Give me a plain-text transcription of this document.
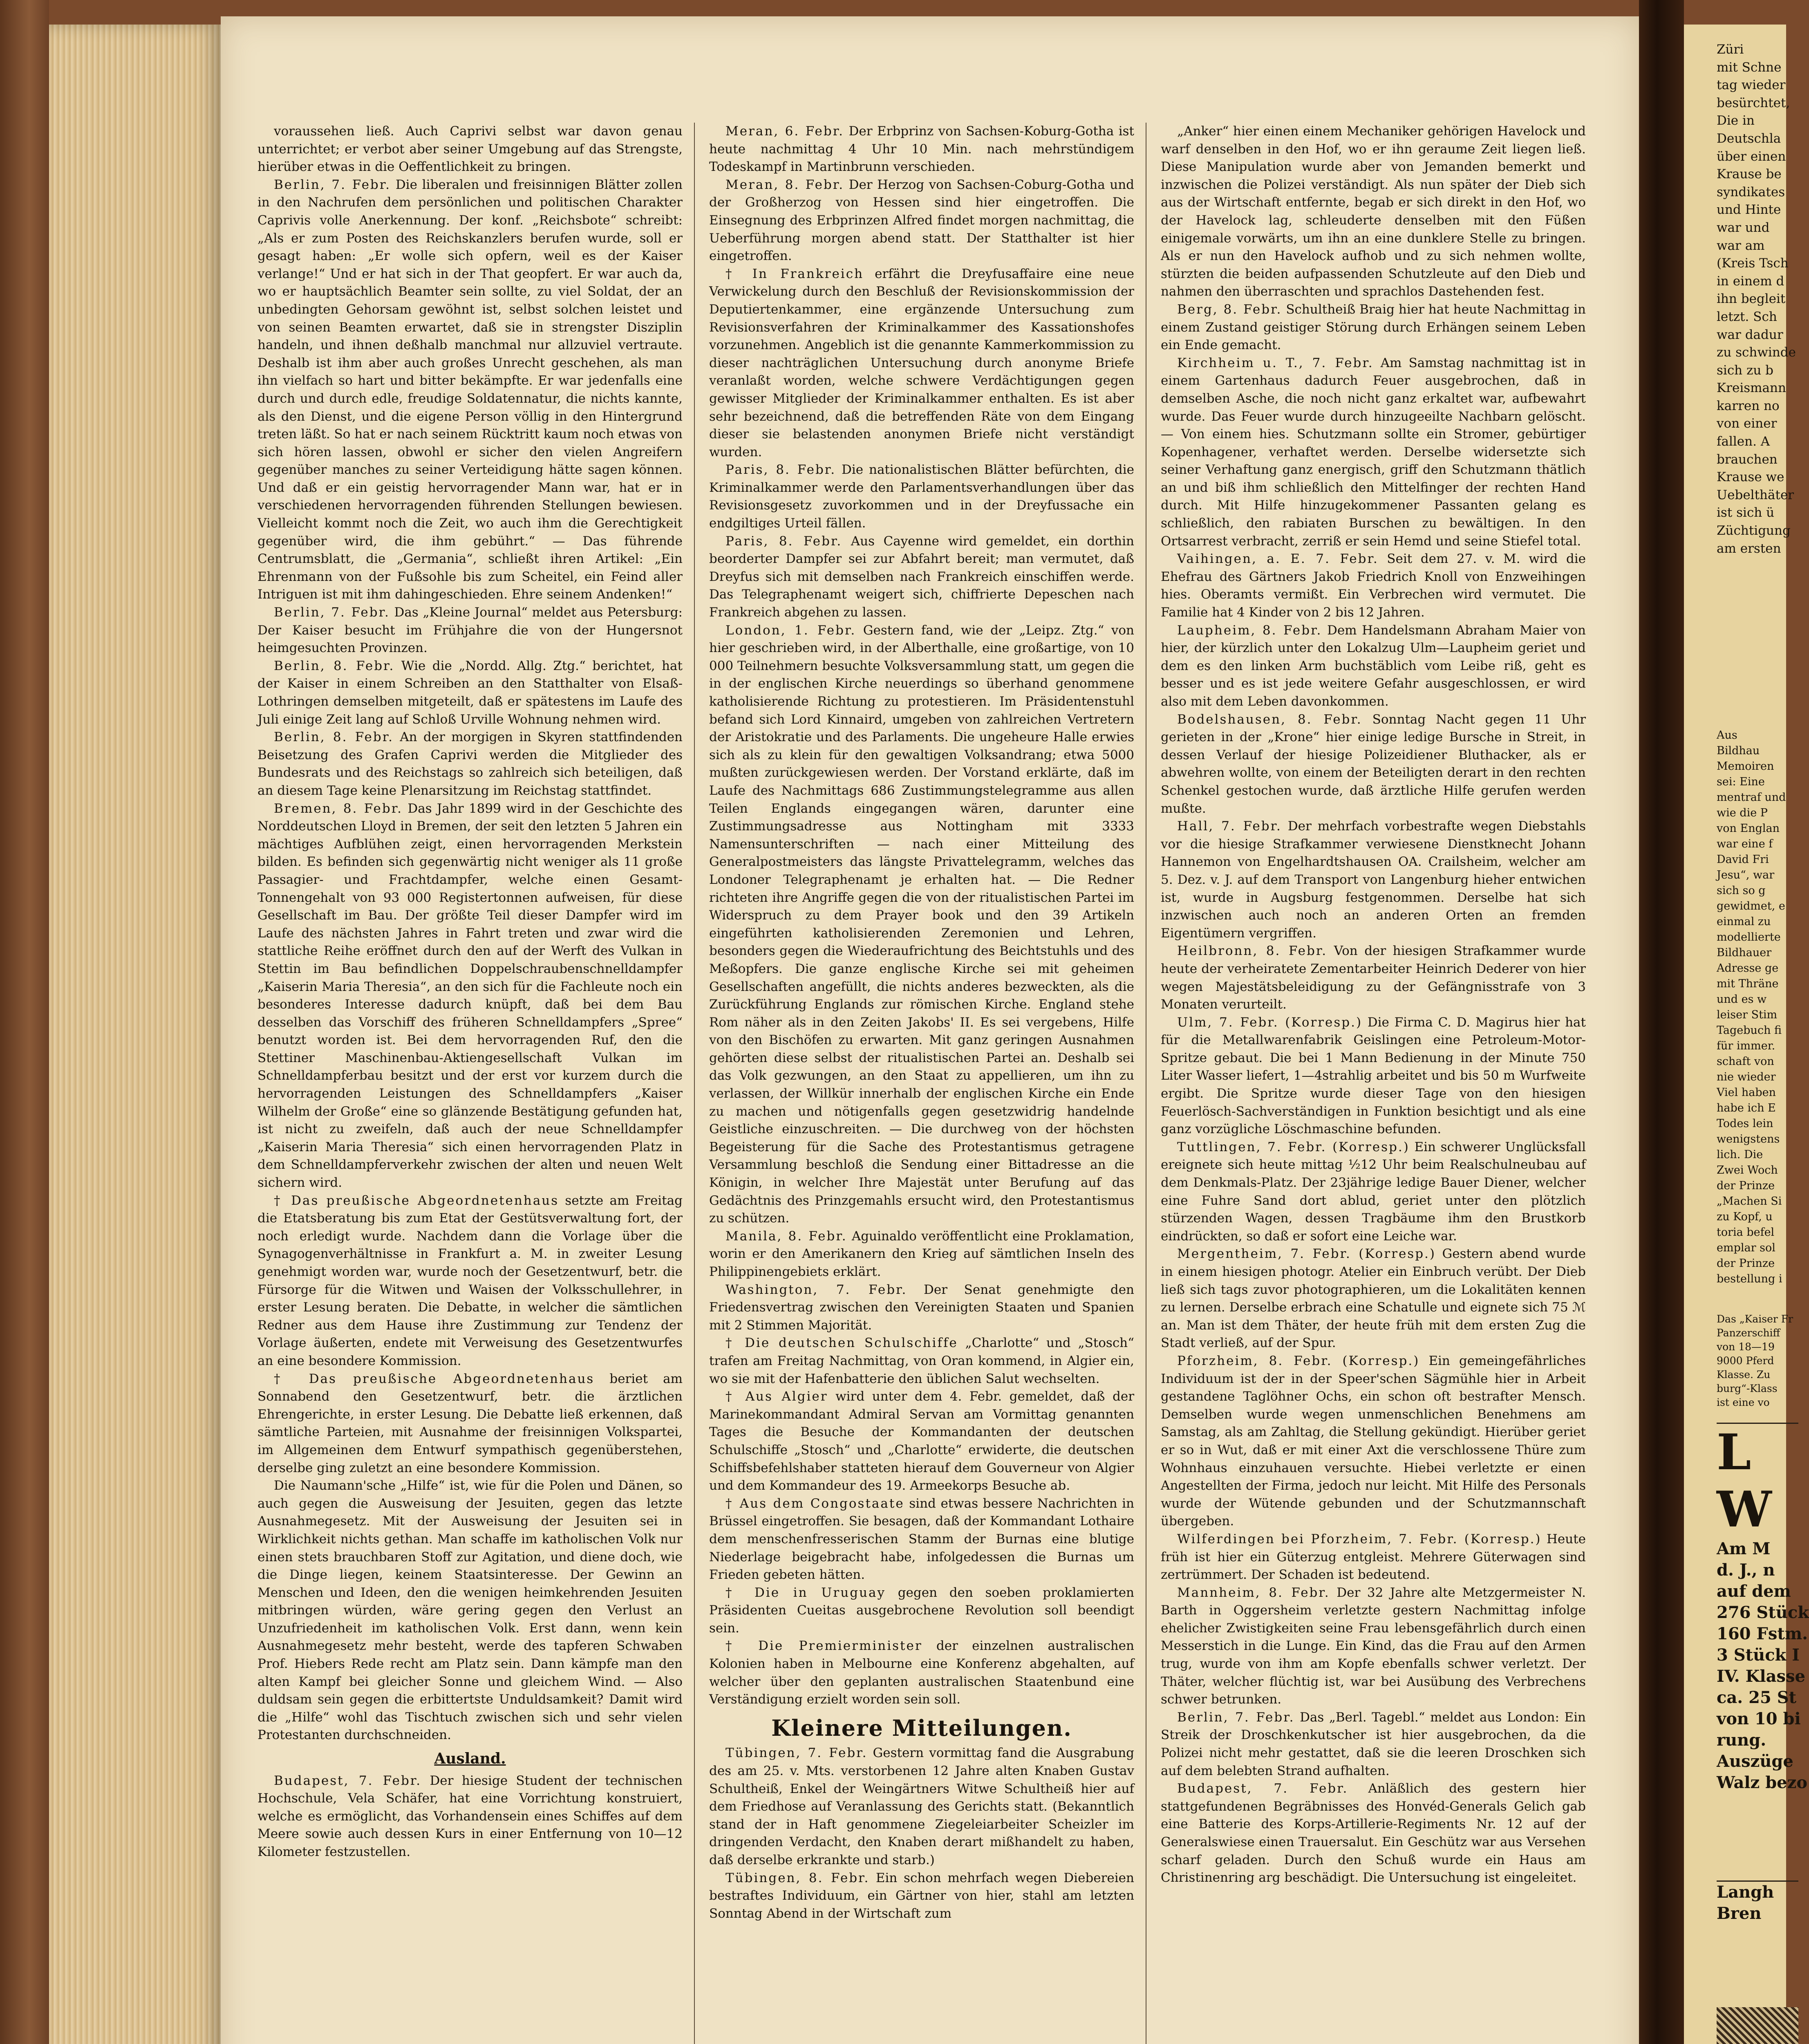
voraussehen ließ. Auch Caprivi selbst war davon genau unterrichtet; er verbot aber seiner Umgebung auf das Strengste, hierüber etwas in die Oeffentlichkeit zu bringen.

Berlin, 7. Febr. Die liberalen und freisinnigen Blätter zollen in den Nachrufen dem persönlichen und politischen Charakter Caprivis volle Anerkennung. Der konf. „Reichsbote“ schreibt: „Als er zum Posten des Reichskanzlers berufen wurde, soll er gesagt haben: „Er wolle sich opfern, weil es der Kaiser verlange!“ Und er hat sich in der That geopfert. Er war auch da, wo er hauptsächlich Beamter sein sollte, zu viel Soldat, der an unbedingten Gehorsam gewöhnt ist, selbst solchen leistet und von seinen Beamten erwartet, daß sie in strengster Disziplin handeln, und ihnen deßhalb manchmal nur allzuviel vertraute. Deshalb ist ihm aber auch großes Unrecht geschehen, als man ihn vielfach so hart und bitter bekämpfte. Er war jedenfalls eine durch und durch edle, freudige Soldatennatur, die nichts kannte, als den Dienst, und die eigene Person völlig in den Hintergrund treten läßt. So hat er nach seinem Rücktritt kaum noch etwas von sich hören lassen, obwohl er sicher den vielen Angreifern gegenüber manches zu seiner Verteidigung hätte sagen können. Und daß er ein geistig hervorragender Mann war, hat er in verschiedenen hervorragenden führenden Stellungen bewiesen. Vielleicht kommt noch die Zeit, wo auch ihm die Gerechtigkeit gegenüber wird, die ihm gebührt.“ — Das führende Centrumsblatt, die „Germania“, schließt ihren Artikel: „Ein Ehrenmann von der Fußsohle bis zum Scheitel, ein Feind aller Intriguen ist mit ihm dahingeschieden. Ehre seinem Andenken!“

Berlin, 7. Febr. Das „Kleine Journal“ meldet aus Petersburg: Der Kaiser besucht im Frühjahre die von der Hungersnot heimgesuchten Provinzen.

Berlin, 8. Febr. Wie die „Nordd. Allg. Ztg.“ berichtet, hat der Kaiser in einem Schreiben an den Statthalter von Elsaß-Lothringen demselben mitgeteilt, daß er spätestens im Laufe des Juli einige Zeit lang auf Schloß Urville Wohnung nehmen wird.

Berlin, 8. Febr. An der morgigen in Skyren stattfindenden Beisetzung des Grafen Caprivi werden die Mitglieder des Bundesrats und des Reichstags so zahlreich sich beteiligen, daß an diesem Tage keine Plenarsitzung im Reichstag stattfindet.

Bremen, 8. Febr. Das Jahr 1899 wird in der Geschichte des Norddeutschen Lloyd in Bremen, der seit den letzten 5 Jahren ein mächtiges Aufblühen zeigt, einen hervorragenden Merkstein bilden. Es befinden sich gegenwärtig nicht weniger als 11 große Passagier- und Frachtdampfer, welche einen Gesamt-Tonnengehalt von 93 000 Registertonnen aufweisen, für diese Gesellschaft im Bau. Der größte Teil dieser Dampfer wird im Laufe des nächsten Jahres in Fahrt treten und zwar wird die stattliche Reihe eröffnet durch den auf der Werft des Vulkan in Stettin im Bau befindlichen Doppelschraubenschnelldampfer „Kaiserin Maria Theresia“, an den sich für die Fachleute noch ein besonderes Interesse dadurch knüpft, daß bei dem Bau desselben das Vorschiff des früheren Schnelldampfers „Spree“ benutzt worden ist. Bei dem hervorragenden Ruf, den die Stettiner Maschinenbau-Aktiengesellschaft Vulkan im Schnelldampferbau besitzt und der erst vor kurzem durch die hervorragenden Leistungen des Schnelldampfers „Kaiser Wilhelm der Große“ eine so glänzende Bestätigung gefunden hat, ist nicht zu zweifeln, daß auch der neue Schnelldampfer „Kaiserin Maria Theresia“ sich einen hervorragenden Platz in dem Schnelldampferverkehr zwischen der alten und neuen Welt sichern wird.

† Das preußische Abgeordnetenhaus setzte am Freitag die Etatsberatung bis zum Etat der Gestütsverwaltung fort, der noch erledigt wurde. Nachdem dann die Vorlage über die Synagogenverhältnisse in Frankfurt a. M. in zweiter Lesung genehmigt worden war, wurde noch der Gesetzentwurf, betr. die Fürsorge für die Witwen und Waisen der Volksschullehrer, in erster Lesung beraten. Die Debatte, in welcher die sämtlichen Redner aus dem Hause ihre Zustimmung zur Tendenz der Vorlage äußerten, endete mit Verweisung des Gesetzentwurfes an eine besondere Kommission.

† Das preußische Abgeordnetenhaus beriet am Sonnabend den Gesetzentwurf, betr. die ärztlichen Ehrengerichte, in erster Lesung. Die Debatte ließ erkennen, daß sämtliche Parteien, mit Ausnahme der freisinnigen Volkspartei, im Allgemeinen dem Entwurf sympathisch gegenüberstehen, derselbe ging zuletzt an eine besondere Kommission.

Die Naumann'sche „Hilfe“ ist, wie für die Polen und Dänen, so auch gegen die Ausweisung der Jesuiten, gegen das letzte Ausnahmegesetz. Mit der Ausweisung der Jesuiten sei in Wirklichkeit nichts gethan. Man schaffe im katholischen Volk nur einen stets brauchbaren Stoff zur Agitation, und diene doch, wie die Dinge liegen, keinem Staatsinteresse. Der Gewinn an Menschen und Ideen, den die wenigen heimkehrenden Jesuiten mitbringen würden, wäre gering gegen den Verlust an Unzufriedenheit im katholischen Volk. Erst dann, wenn kein Ausnahmegesetz mehr besteht, werde des tapferen Schwaben Prof. Hiebers Rede recht am Platz sein. Dann kämpfe man den alten Kampf bei gleicher Sonne und gleichem Wind. — Also duldsam sein gegen die erbittertste Unduldsamkeit? Damit wird die „Hilfe“ wohl das Tischtuch zwischen sich und sehr vielen Protestanten durchschneiden.

Ausland.

Budapest, 7. Febr. Der hiesige Student der technischen Hochschule, Vela Schäfer, hat eine Vorrichtung konstruiert, welche es ermöglicht, das Vorhandensein eines Schiffes auf dem Meere sowie auch dessen Kurs in einer Entfernung von 10—12 Kilometer festzustellen.

Meran, 6. Febr. Der Erbprinz von Sachsen-Koburg-Gotha ist heute nachmittag 4 Uhr 10 Min. nach mehrstündigem Todeskampf in Martinbrunn verschieden.

Meran, 8. Febr. Der Herzog von Sachsen-Coburg-Gotha und der Großherzog von Hessen sind hier eingetroffen. Die Einsegnung des Erbprinzen Alfred findet morgen nachmittag, die Ueberführung morgen abend statt. Der Statthalter ist hier eingetroffen.

† In Frankreich erfährt die Dreyfusaffaire eine neue Verwickelung durch den Beschluß der Revisionskommission der Deputiertenkammer, eine ergänzende Untersuchung zum Revisionsverfahren der Kriminalkammer des Kassationshofes vorzunehmen. Angeblich ist die genannte Kammerkommission zu dieser nachträglichen Untersuchung durch anonyme Briefe veranlaßt worden, welche schwere Verdächtigungen gegen gewisser Mitglieder der Kriminalkammer enthalten. Es ist aber sehr bezeichnend, daß die betreffenden Räte von dem Eingang dieser sie belastenden anonymen Briefe nicht verständigt wurden.

Paris, 8. Febr. Die nationalistischen Blätter befürchten, die Kriminalkammer werde den Parlamentsverhandlungen über das Revisionsgesetz zuvorkommen und in der Dreyfussache ein endgiltiges Urteil fällen.

Paris, 8. Febr. Aus Cayenne wird gemeldet, ein dorthin beorderter Dampfer sei zur Abfahrt bereit; man vermutet, daß Dreyfus sich mit demselben nach Frankreich einschiffen werde. Das Telegraphenamt weigert sich, chiffrierte Depeschen nach Frankreich abgehen zu lassen.

London, 1. Febr. Gestern fand, wie der „Leipz. Ztg.“ von hier geschrieben wird, in der Alberthalle, eine großartige, von 10 000 Teilnehmern besuchte Volksversammlung statt, um gegen die in der englischen Kirche neuerdings so überhand genommene katholisierende Richtung zu protestieren. Im Präsidentenstuhl befand sich Lord Kinnaird, umgeben von zahlreichen Vertretern der Aristokratie und des Parlaments. Die ungeheure Halle erwies sich als zu klein für den gewaltigen Volksandrang; etwa 5000 mußten zurückgewiesen werden. Der Vorstand erklärte, daß im Laufe des Nachmittags 686 Zustimmungstelegramme aus allen Teilen Englands eingegangen wären, darunter eine Zustimmungsadresse aus Nottingham mit 3333 Namensunterschriften — nach einer Mitteilung des Generalpostmeisters das längste Privattelegramm, welches das Londoner Telegraphenamt je erhalten hat. — Die Redner richteten ihre Angriffe gegen die von der ritualistischen Partei im Widerspruch zu dem Prayer book und den 39 Artikeln eingeführten katholisierenden Zeremonien und Lehren, besonders gegen die Wiederaufrichtung des Beichtstuhls und des Meßopfers. Die ganze englische Kirche sei mit geheimen Gesellschaften angefüllt, die nichts anderes bezweckten, als die Zurückführung Englands zur römischen Kirche. England stehe Rom näher als in den Zeiten Jakobs' II. Es sei vergebens, Hilfe von den Bischöfen zu erwarten. Mit ganz geringen Ausnahmen gehörten diese selbst der ritualistischen Partei an. Deshalb sei das Volk gezwungen, an den Staat zu appellieren, um ihn zu verlassen, der Willkür innerhalb der englischen Kirche ein Ende zu machen und nötigenfalls gegen gesetzwidrig handelnde Geistliche einzuschreiten. — Die durchweg von der höchsten Begeisterung für die Sache des Protestantismus getragene Versammlung beschloß die Sendung einer Bittadresse an die Königin, in welcher Ihre Majestät unter Berufung auf das Gedächtnis des Prinzgemahls ersucht wird, den Protestantismus zu schützen.

Manila, 8. Febr. Aguinaldo veröffentlicht eine Proklamation, worin er den Amerikanern den Krieg auf sämtlichen Inseln des Philippinengebiets erklärt.

Washington, 7. Febr. Der Senat genehmigte den Friedensvertrag zwischen den Vereinigten Staaten und Spanien mit 2 Stimmen Majorität.

† Die deutschen Schulschiffe „Charlotte“ und „Stosch“ trafen am Freitag Nachmittag, von Oran kommend, in Algier ein, wo sie mit der Hafenbatterie den üblichen Salut wechselten.

† Aus Algier wird unter dem 4. Febr. gemeldet, daß der Marinekommandant Admiral Servan am Vormittag genannten Tages die Besuche der Kommandanten der deutschen Schulschiffe „Stosch“ und „Charlotte“ erwiderte, die deutschen Schiffsbefehlshaber statteten hierauf dem Gouverneur von Algier und dem Kommandeur des 19. Armeekorps Besuche ab.

† Aus dem Congostaate sind etwas bessere Nachrichten in Brüssel eingetroffen. Sie besagen, daß der Kommandant Lothaire dem menschenfresserischen Stamm der Burnas eine blutige Niederlage beigebracht habe, infolgedessen die Burnas um Frieden gebeten hätten.

† Die in Uruguay gegen den soeben proklamierten Präsidenten Cueitas ausgebrochene Revolution soll beendigt sein.

† Die Premierminister der einzelnen australischen Kolonien haben in Melbourne eine Konferenz abgehalten, auf welcher über den geplanten australischen Staatenbund eine Verständigung erzielt worden sein soll.

Kleinere Mitteilungen.

Tübingen, 7. Febr. Gestern vormittag fand die Ausgrabung des am 25. v. Mts. verstorbenen 12 Jahre alten Knaben Gustav Schultheiß, Enkel der Weingärtners Witwe Schultheiß hier auf dem Friedhose auf Veranlassung des Gerichts statt. (Bekanntlich stand der in Haft genommene Ziegeleiarbeiter Scheizler im dringenden Verdacht, den Knaben derart mißhandelt zu haben, daß derselbe erkrankte und starb.)

Tübingen, 8. Febr. Ein schon mehrfach wegen Diebereien bestraftes Individuum, ein Gärtner von hier, stahl am letzten Sonntag Abend in der Wirtschaft zum

„Anker“ hier einen einem Mechaniker gehörigen Havelock und warf denselben in den Hof, wo er ihn geraume Zeit liegen ließ. Diese Manipulation wurde aber von Jemanden bemerkt und inzwischen die Polizei verständigt. Als nun später der Dieb sich aus der Wirtschaft entfernte, begab er sich direkt in den Hof, wo der Havelock lag, schleuderte denselben mit den Füßen einigemale vorwärts, um ihn an eine dunklere Stelle zu bringen. Als er nun den Havelock aufhob und zu sich nehmen wollte, stürzten die beiden aufpassenden Schutzleute auf den Dieb und nahmen den überraschten und sprachlos Dastehenden fest.

Berg, 8. Febr. Schultheiß Braig hier hat heute Nachmittag in einem Zustand geistiger Störung durch Erhängen seinem Leben ein Ende gemacht.

Kirchheim u. T., 7. Febr. Am Samstag nachmittag ist in einem Gartenhaus dadurch Feuer ausgebrochen, daß in demselben Asche, die noch nicht ganz erkaltet war, aufbewahrt wurde. Das Feuer wurde durch hinzugeeilte Nachbarn gelöscht. — Von einem hies. Schutzmann sollte ein Stromer, gebürtiger Kopenhagener, verhaftet werden. Derselbe widersetzte sich seiner Verhaftung ganz energisch, griff den Schutzmann thätlich an und biß ihm schließlich den Mittelfinger der rechten Hand durch. Mit Hilfe hinzugekommener Passanten gelang es schließlich, den rabiaten Burschen zu bewältigen. In den Ortsarrest verbracht, zerriß er sein Hemd und seine Stiefel total.

Vaihingen, a. E. 7. Febr. Seit dem 27. v. M. wird die Ehefrau des Gärtners Jakob Friedrich Knoll von Enzweihingen hies. Oberamts vermißt. Ein Verbrechen wird vermutet. Die Familie hat 4 Kinder von 2 bis 12 Jahren.

Laupheim, 8. Febr. Dem Handelsmann Abraham Maier von hier, der kürzlich unter den Lokalzug Ulm—Laupheim geriet und dem es den linken Arm buchstäblich vom Leibe riß, geht es besser und es ist jede weitere Gefahr ausgeschlossen, er wird also mit dem Leben davonkommen.

Bodelshausen, 8. Febr. Sonntag Nacht gegen 11 Uhr gerieten in der „Krone“ hier einige ledige Bursche in Streit, in dessen Verlauf der hiesige Polizeidiener Bluthacker, als er abwehren wollte, von einem der Beteiligten derart in den rechten Schenkel gestochen wurde, daß ärztliche Hilfe gerufen werden mußte.

Hall, 7. Febr. Der mehrfach vorbestrafte wegen Diebstahls vor die hiesige Strafkammer verwiesene Dienstknecht Johann Hannemon von Engelhardtshausen OA. Crailsheim, welcher am 5. Dez. v. J. auf dem Transport von Langenburg hieher entwichen ist, wurde in Augsburg festgenommen. Derselbe hat sich inzwischen auch noch an anderen Orten an fremden Eigentümern vergriffen.

Heilbronn, 8. Febr. Von der hiesigen Strafkammer wurde heute der verheiratete Zementarbeiter Heinrich Dederer von hier wegen Majestätsbeleidigung zu der Gefängnisstrafe von 3 Monaten verurteilt.

Ulm, 7. Febr. (Korresp.) Die Firma C. D. Magirus hier hat für die Metallwarenfabrik Geislingen eine Petroleum-Motor-Spritze gebaut. Die bei 1 Mann Bedienung in der Minute 750 Liter Wasser liefert, 1—4strahlig arbeitet und bis 50 m Wurfweite ergibt. Die Spritze wurde dieser Tage von den hiesigen Feuerlösch-Sachverständigen in Funktion besichtigt und als eine ganz vorzügliche Löschmaschine befunden.

Tuttlingen, 7. Febr. (Korresp.) Ein schwerer Unglücksfall ereignete sich heute mittag ½12 Uhr beim Realschulneubau auf dem Denkmals-Platz. Der 23jährige ledige Bauer Diener, welcher eine Fuhre Sand dort ablud, geriet unter den plötzlich stürzenden Wagen, dessen Tragbäume ihm den Brustkorb eindrückten, so daß er sofort eine Leiche war.

Mergentheim, 7. Febr. (Korresp.) Gestern abend wurde in einem hiesigen photogr. Atelier ein Einbruch verübt. Der Dieb ließ sich tags zuvor photographieren, um die Lokalitäten kennen zu lernen. Derselbe erbrach eine Schatulle und eignete sich 75 ℳ an. Man ist dem Thäter, der heute früh mit dem ersten Zug die Stadt verließ, auf der Spur.

Pforzheim, 8. Febr. (Korresp.) Ein gemeingefährliches Individuum ist der in der Speer'schen Sägmühle hier in Arbeit gestandene Taglöhner Ochs, ein schon oft bestrafter Mensch. Demselben wurde wegen unmenschlichen Benehmens am Samstag, als am Zahltag, die Stellung gekündigt. Hierüber geriet er so in Wut, daß er mit einer Axt die verschlossene Thüre zum Wohnhaus einzuhauen versuchte. Hiebei verletzte er einen Angestellten der Firma, jedoch nur leicht. Mit Hilfe des Personals wurde der Wütende gebunden und der Schutzmannschaft übergeben.

Wilferdingen bei Pforzheim, 7. Febr. (Korresp.) Heute früh ist hier ein Güterzug entgleist. Mehrere Güterwagen sind zertrümmert. Der Schaden ist bedeutend.

Mannheim, 8. Febr. Der 32 Jahre alte Metzgermeister N. Barth in Oggersheim verletzte gestern Nachmittag infolge ehelicher Zwistigkeiten seine Frau lebensgefährlich durch einen Messerstich in die Lunge. Ein Kind, das die Frau auf den Armen trug, wurde von ihm am Kopfe ebenfalls schwer verletzt. Der Thäter, welcher flüchtig ist, war bei Ausübung des Verbrechens schwer betrunken.

Berlin, 7. Febr. Das „Berl. Tagebl.“ meldet aus London: Ein Streik der Droschkenkutscher ist hier ausgebrochen, da die Polizei nicht mehr gestattet, daß sie die leeren Droschken sich auf dem belebten Strand aufhalten.

Budapest, 7. Febr. Anläßlich des gestern hier stattgefundenen Begräbnisses des Honvéd-Generals Gelich gab eine Batterie des Korps-Artillerie-Regiments Nr. 12 auf der Generalswiese einen Trauersalut. Ein Geschütz war aus Versehen scharf geladen. Durch den Schuß wurde ein Haus am Christinenring arg beschädigt. Die Untersuchung ist eingeleitet.

Züri
mit Schne
tag wieder
besürchtet,
Die in
Deutschla
über einen
Krause be
syndikates
und Hinte
war und
war am
(Kreis Tsch
in einem d
ihn begleit
letzt. Sch
war dadur
zu schwinde
sich zu b
Kreismann
karren no
von einer
fallen. A
brauchen
Krause we
Uebelthäter
ist sich ü
Züchtigung
am ersten
Aus
Bildhau
Memoiren
sei: Eine
mentraf und
wie die P
von Englan
war eine f
David Fri
Jesu“, war
sich so g
gewidmet, e
einmal zu
modellierte
Bildhauer
Adresse ge
mit Thräne
und es w
leiser Stim
Tagebuch fi
für immer.
schaft von
nie wieder
Viel haben
habe ich E
Todes lein
wenigstens
lich. Die
Zwei Woch
der Prinze
„Machen Si
zu Kopf, u
toria befel
emplar sol
der Prinze
bestellung i
Das „Kaiser Fr
Panzerschiff
von 18—19
9000 Pferd
Klasse. Zu
burg“-Klass
ist eine vo
L
W
Am M
d. J., n
auf dem
276 Stück
160 Fstm.
3 Stück I
IV. Klasse
ca. 25 St
von 10 bi
rung.
Auszüge
Walz bezo
Langh
Bren
